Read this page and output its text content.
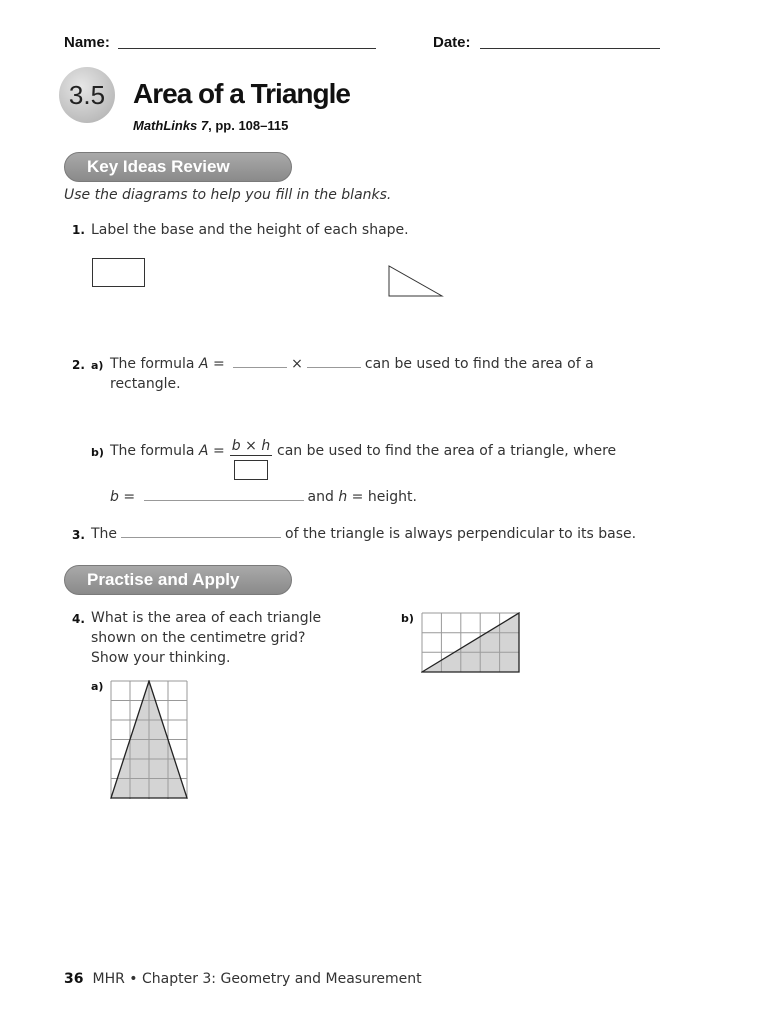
Name:	Date:
3.5 Area of a Triangle
MathLinks 7, pp. 108–115
Key Ideas Review
Use the diagrams to help you fill in the blanks.
1. Label the base and the height of each shape.
2. a) The formula A =	×	can be used to find the area of a
rectangle.
b) The formula A = b × h can be used to find the area of a triangle, where
b =	and h = height.
3. The	of the triangle is always perpendicular to its base.
Practise and Apply
4. What is the area of each triangle
shown on the centimetre grid?
Show your thinking.
a)
b)
36 MHR • Chapter 3: Geometry and Measurement
